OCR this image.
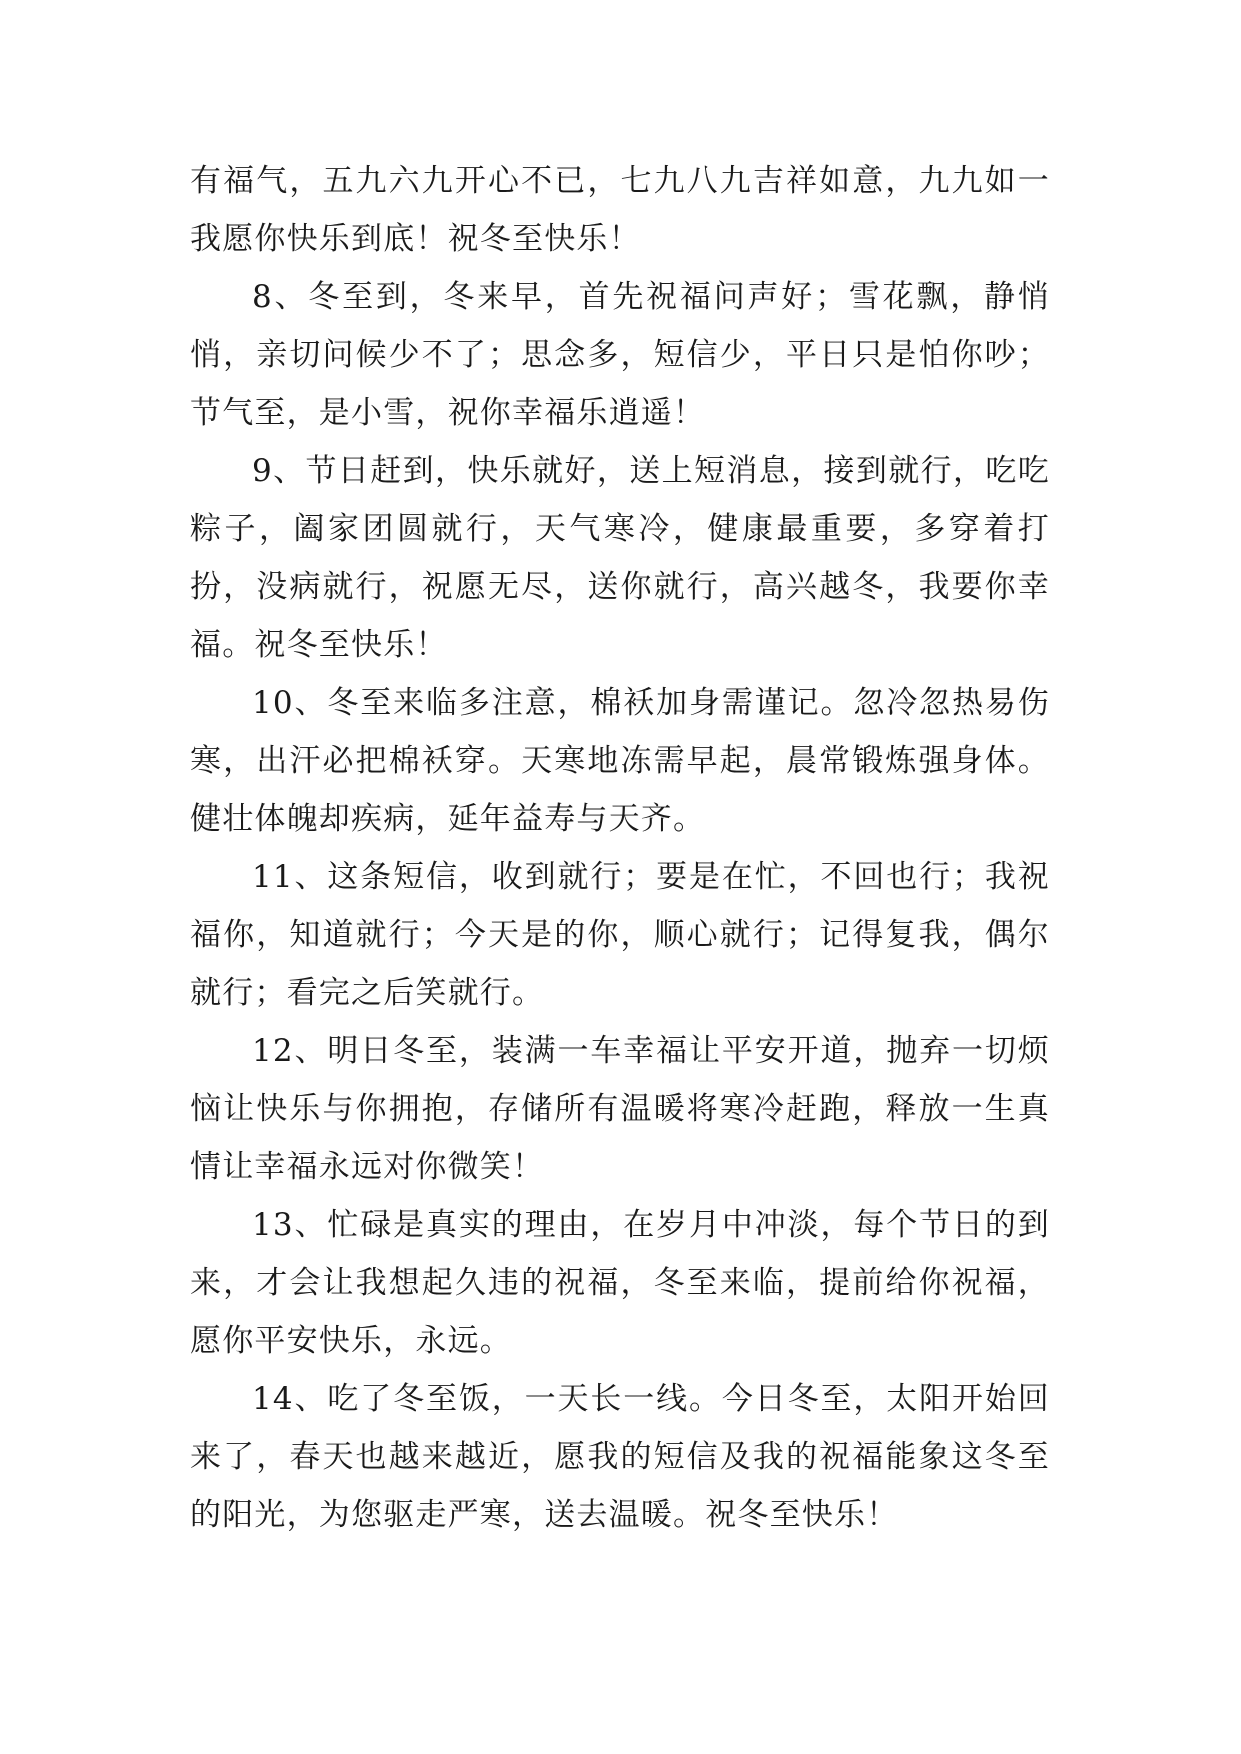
有福气，五九六九开心不已，七九八九吉祥如意，九九如一我愿你快乐到底！祝冬至快乐！

8、冬至到，冬来早，首先祝福问声好；雪花飘，静悄悄，亲切问候少不了；思念多，短信少，平日只是怕你吵；节气至，是小雪，祝你幸福乐逍遥！

9、节日赶到，快乐就好，送上短消息，接到就行，吃吃粽子，阖家团圆就行，天气寒冷，健康最重要，多穿着打扮，没病就行，祝愿无尽，送你就行，高兴越冬，我要你幸福。祝冬至快乐！

10、冬至来临多注意，棉袄加身需谨记。忽冷忽热易伤寒，出汗必把棉袄穿。天寒地冻需早起，晨常锻炼强身体。健壮体魄却疾病，延年益寿与天齐。

11、这条短信，收到就行；要是在忙，不回也行；我祝福你，知道就行；今天是的你，顺心就行；记得复我，偶尔就行；看完之后笑就行。

12、明日冬至，装满一车幸福让平安开道，抛弃一切烦恼让快乐与你拥抱，存储所有温暖将寒冷赶跑，释放一生真情让幸福永远对你微笑！

13、忙碌是真实的理由，在岁月中冲淡，每个节日的到来，才会让我想起久违的祝福，冬至来临，提前给你祝福，愿你平安快乐，永远。

14、吃了冬至饭，一天长一线。今日冬至，太阳开始回来了，春天也越来越近，愿我的短信及我的祝福能象这冬至的阳光，为您驱走严寒，送去温暖。祝冬至快乐！
